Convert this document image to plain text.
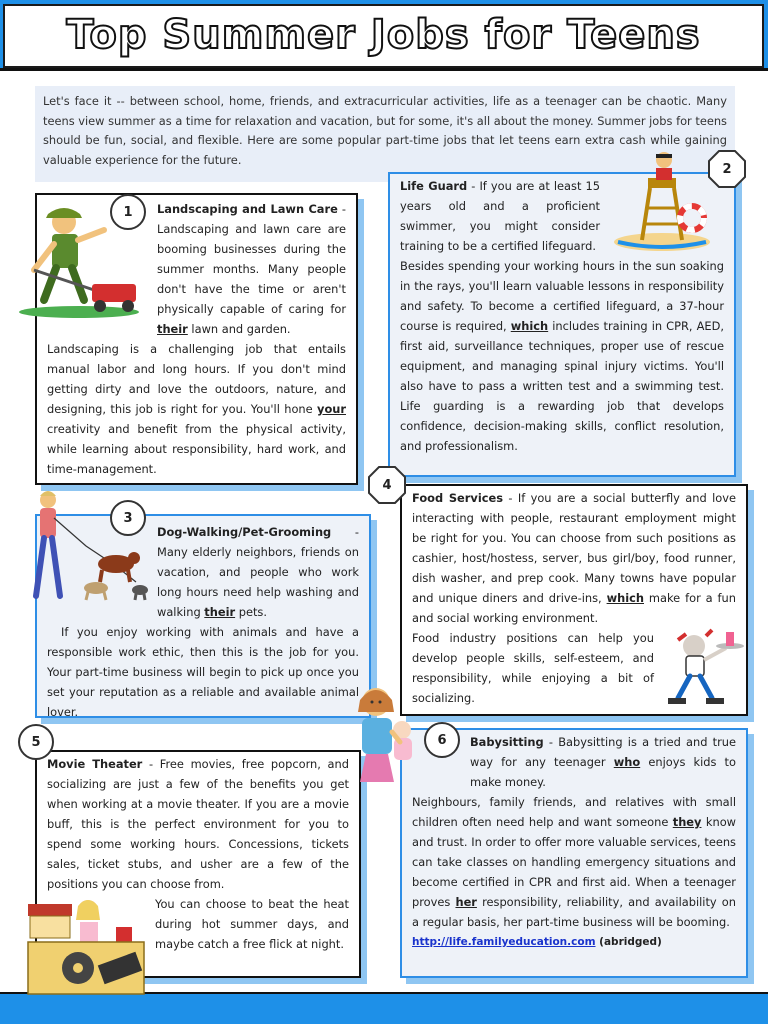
Top Summer Jobs for Teens
Let's face it -- between school, home, friends, and extracurricular activities, life as a teenager can be chaotic. Many teens view summer as a time for relaxation and vacation, but for some, it's all about the money. Summer jobs for teens should be fun, social, and flexible. Here are some popular part-time jobs that let teens earn extra cash while gaining valuable experience for the future.

Landscaping and Lawn Care - Landscaping and lawn care are booming businesses during the summer months. Many people don't have the time or aren't physically capable of caring for their lawn and garden.

Landscaping is a challenging job that entails manual labor and long hours. If you don't mind getting dirty and love the outdoors, nature, and designing, this job is right for you. You'll hone your creativity and benefit from the physical activity, while learning about responsibility, hard work, and time-management.

1

Life Guard - If you are at least 15 years old and a proficient swimmer, you might consider training to be a certified lifeguard.

Besides spending your working hours in the sun soaking in the rays, you'll learn valuable lessons in responsibility and safety. To become a certified lifeguard, a 37-hour course is required, which includes training in CPR, AED, first aid, surveillance techniques, proper use of rescue equipment, and managing spinal injury victims. You'll also have to pass a written test and a swimming test. Life guarding is a rewarding job that develops confidence, decision-making skills, conflict resolution, and professionalism.

2

Dog-Walking/Pet-Grooming - Many elderly neighbors, friends on vacation, and people who work long hours need help washing and walking their pets.

If you enjoy working with animals and have a responsible work ethic, then this is the job for you. Your part-time business will begin to pick up once you set your reputation as a reliable and available animal lover.

3

Food Services - If you are a social butterfly and love interacting with people, restaurant employment might be right for you. You can choose from such positions as cashier, host/hostess, server, bus girl/boy, food runner, dish washer, and prep cook. Many towns have popular and unique diners and drive-ins, which make for a fun and social working environment.

Food industry positions can help you develop people skills, self-esteem, and responsibility, while enjoying a bit of socializing.

4

Movie Theater - Free movies, free popcorn, and socializing are just a few of the benefits you get when working at a movie theater. If you are a movie buff, this is the perfect environment for you to spend some working hours. Concessions, tickets sales, ticket stubs, and usher are a few of the positions you can choose from.

You can choose to beat the heat during hot summer days, and maybe catch a free flick at night.

5	Babysitting - Babysitting is a tried and true way for any teenager who enjoys kids to make money.

Neighbours, family friends, and relatives with small children often need help and want someone they know and trust. In order to offer more valuable services, teens can take classes on handling emergency situations and become certified in CPR and first aid. When a teenager proves her responsibility, reliability, and availability on a regular basis, her part-time business will be booming.

http://life.familyeducation.com (abridged)

6
